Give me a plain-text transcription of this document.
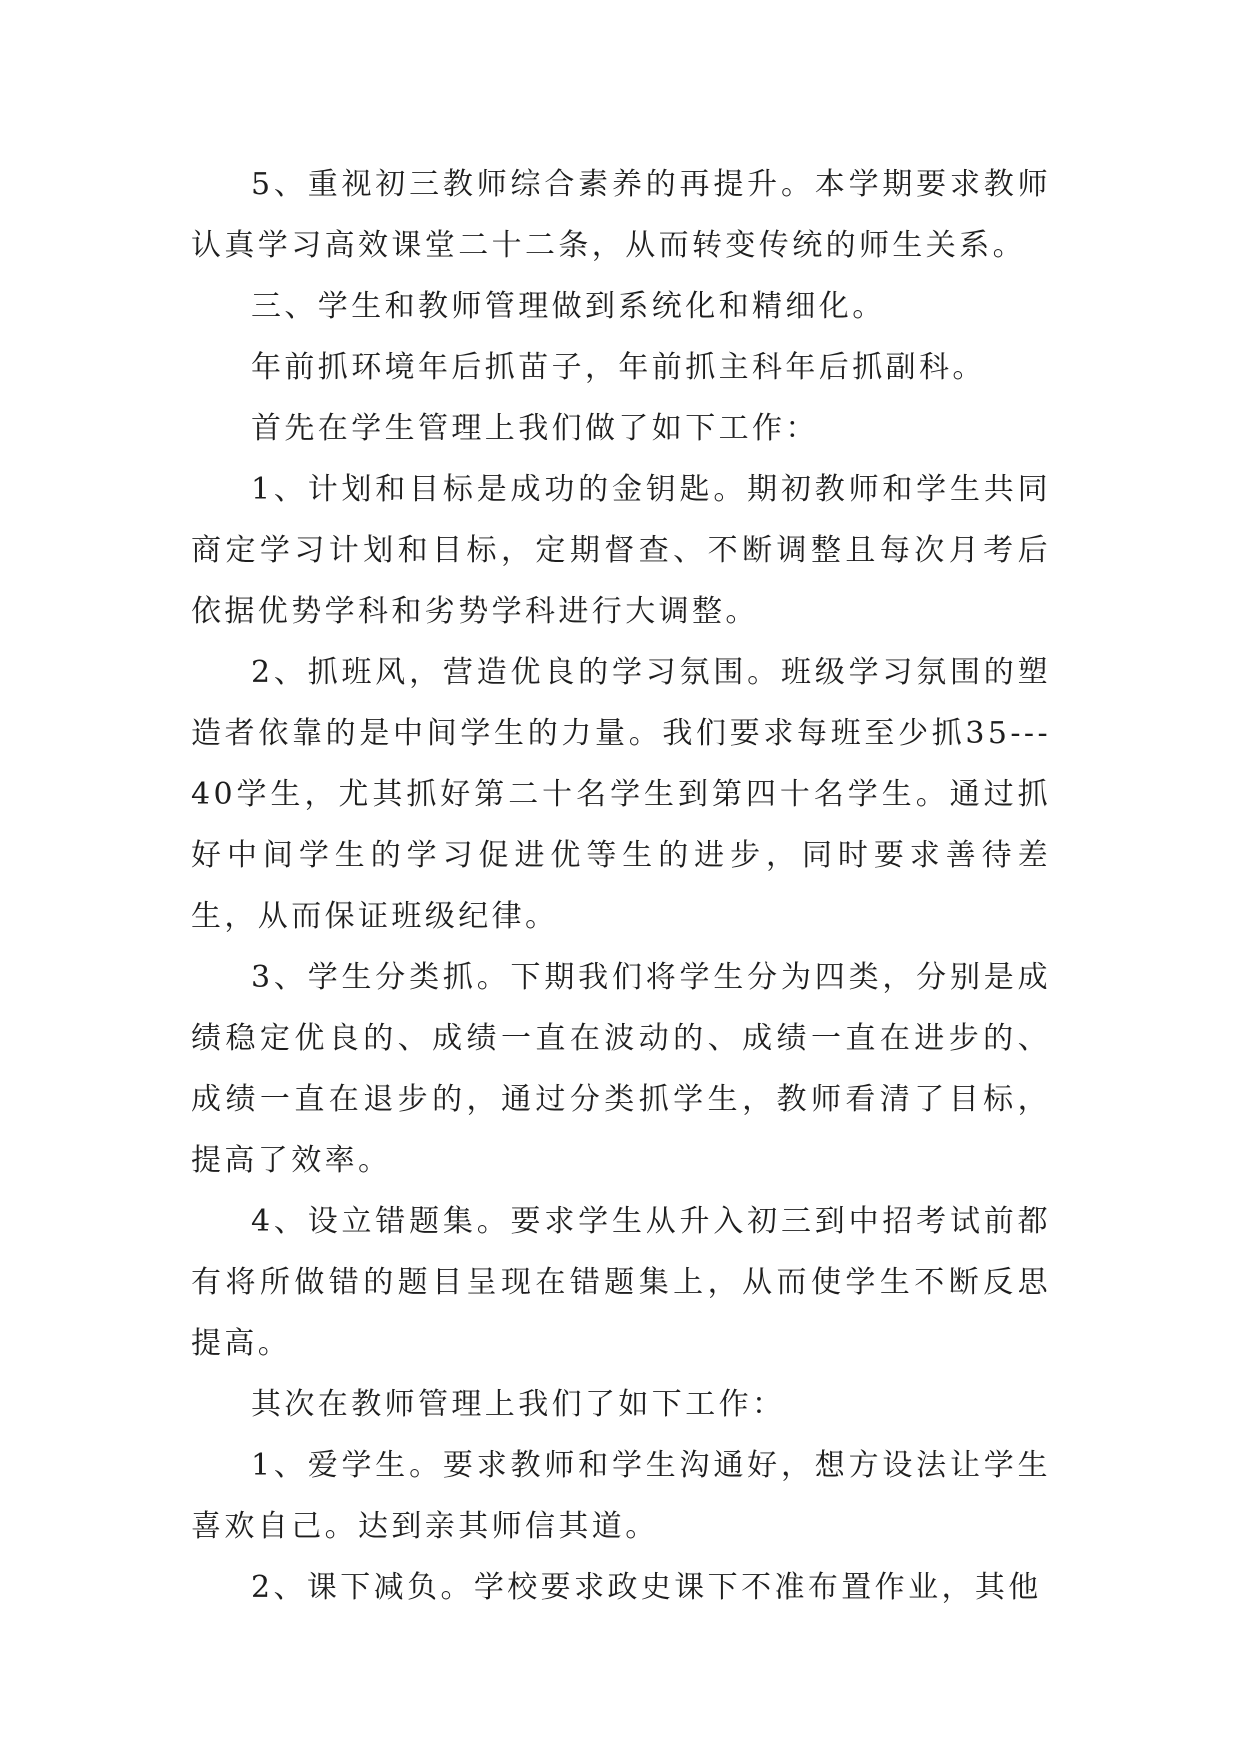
5、重视初三教师综合素养的再提升。本学期要求教师认真学习高效课堂二十二条，从而转变传统的师生关系。

三、学生和教师管理做到系统化和精细化。

年前抓环境年后抓苗子，年前抓主科年后抓副科。

首先在学生管理上我们做了如下工作：

1、计划和目标是成功的金钥匙。期初教师和学生共同商定学习计划和目标，定期督查、不断调整且每次月考后依据优势学科和劣势学科进行大调整。

2、抓班风，营造优良的学习氛围。班级学习氛围的塑造者依靠的是中间学生的力量。我们要求每班至少抓35---40学生，尤其抓好第二十名学生到第四十名学生。通过抓好中间学生的学习促进优等生的进步，同时要求善待差生，从而保证班级纪律。

3、学生分类抓。下期我们将学生分为四类，分别是成绩稳定优良的、成绩一直在波动的、成绩一直在进步的、成绩一直在退步的，通过分类抓学生，教师看清了目标，提高了效率。

4、设立错题集。要求学生从升入初三到中招考试前都有将所做错的题目呈现在错题集上，从而使学生不断反思提高。

其次在教师管理上我们了如下工作：

1、爱学生。要求教师和学生沟通好，想方设法让学生喜欢自己。达到亲其师信其道。

2、课下减负。学校要求政史课下不准布置作业，其他
